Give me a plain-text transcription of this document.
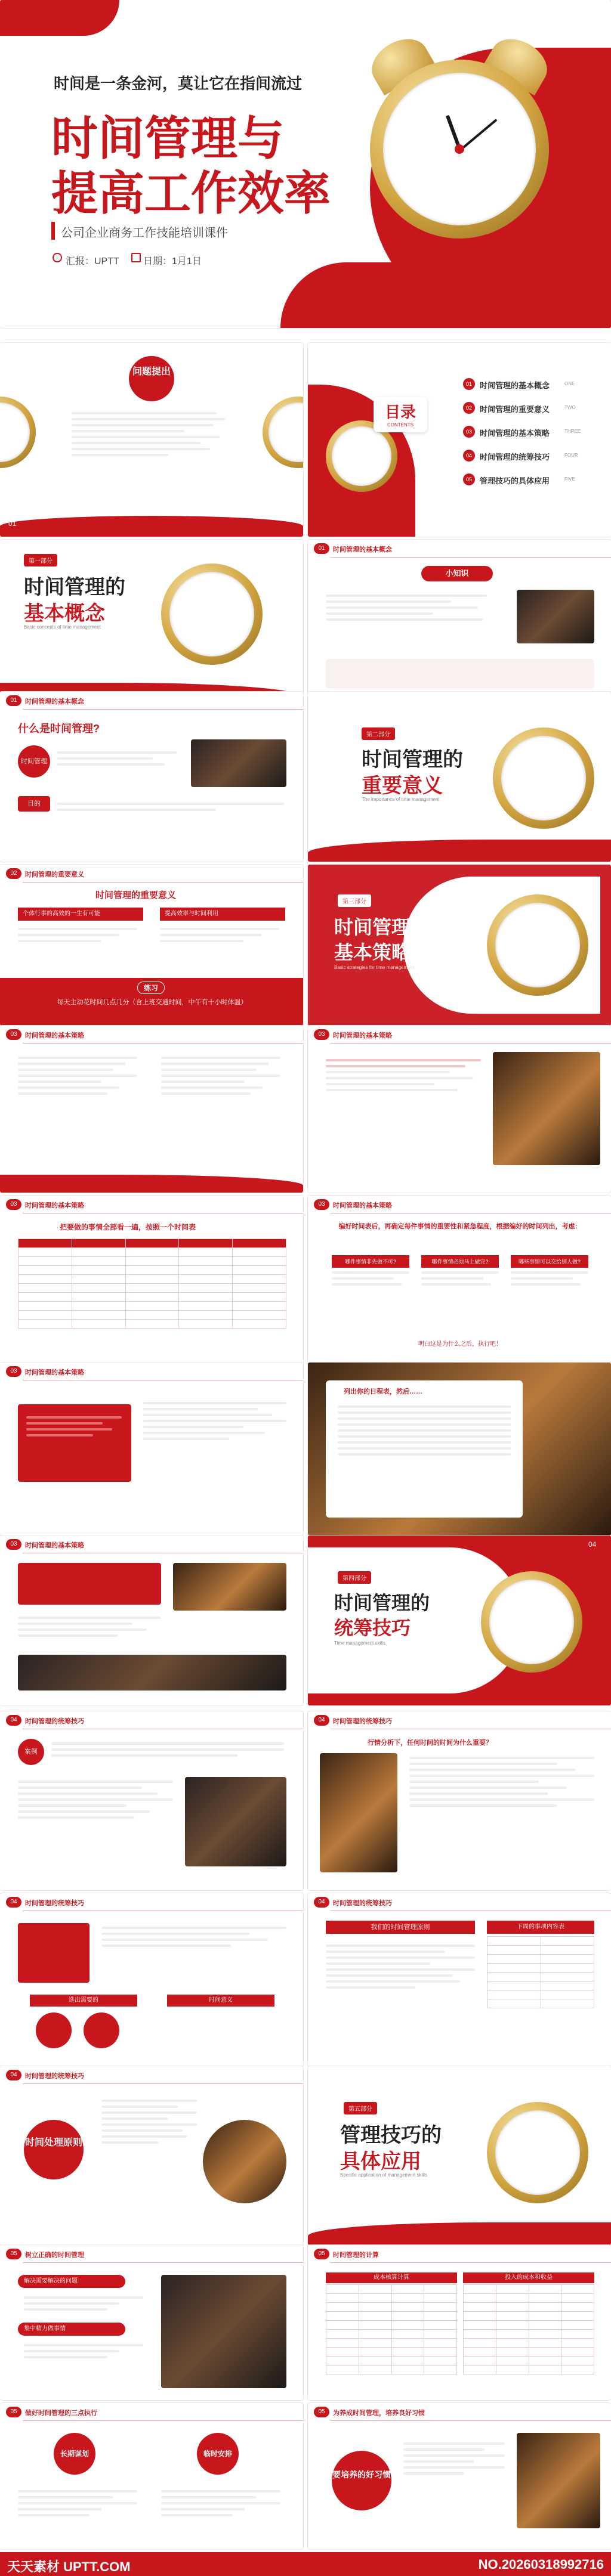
时间是一条金河，莫让它在指间流过
时间管理与
提高工作效率
公司企业商务工作技能培训课件
汇报：UPTT	日期：1月1日
问题提出
01
目录
CONTENTS
01	时间管理的基本概念	ONE
02	时间管理的重要意义	TWO
03	时间管理的基本策略	THREE
04	时间管理的统筹技巧	FOUR
05	管理技巧的具体应用	FIVE
第一部分
时间管理的
基本概念
Basic concepts of time management
01	时间管理的基本概念
小知识
01	时间管理的基本概念
什么是时间管理?
时间管理
目的
第二部分
时间管理的
重要意义
The importance of time management
02	时间管理的重要意义
时间管理的重要意义
个体行事的高效的一生有可能	提高效率与时间利用
练习
每天主动花时间几点几分（含上班交通时间，中午有十小时体温）
第三部分
时间管理的
基本策略
Basic strategies for time management
03	时间管理的基本策略	03	时间管理的基本策略
03	时间管理的基本策略
把要做的事情全部看一遍，按照一个时间表

03	时间管理的基本策略
编好时间表后，再确定每件事情的重要性和紧急程度，根据编好的时间列出，考虑：
哪件事情非先做不可?	哪件事情必须马上做完?	哪些事情可以交给别人做?
明白这是为什么之后，执行吧！
03	时间管理的基本策略
列出你的日程表，然后……
03	时间管理的基本策略
第四部分
时间管理的
统筹技巧
Time management skills
04
04	时间管理的统筹技巧
案例
04	时间管理的统筹技巧
行情分析下，任何时间的时间为什么重要？
04	时间管理的统筹技巧
选出需要的	时间意义
04	时间管理的统筹技巧
我们的时间管理原则	下周的事项内容表

04	时间管理的统筹技巧
时间处理原则
第五部分
管理技巧的
具体应用
Specific application of management skills
05	树立正确的时间管理
解决需要解决的问题
集中精力做事情
05	时间管理的计算
成本核算计算	投入的成本和收益

05	做好时间管理的三点执行
长期谋划	临时安排
05	为养成时间管理，培养良好习惯
要培养的好习惯
天天素材 UPTT.COM	NO.20260318992716
